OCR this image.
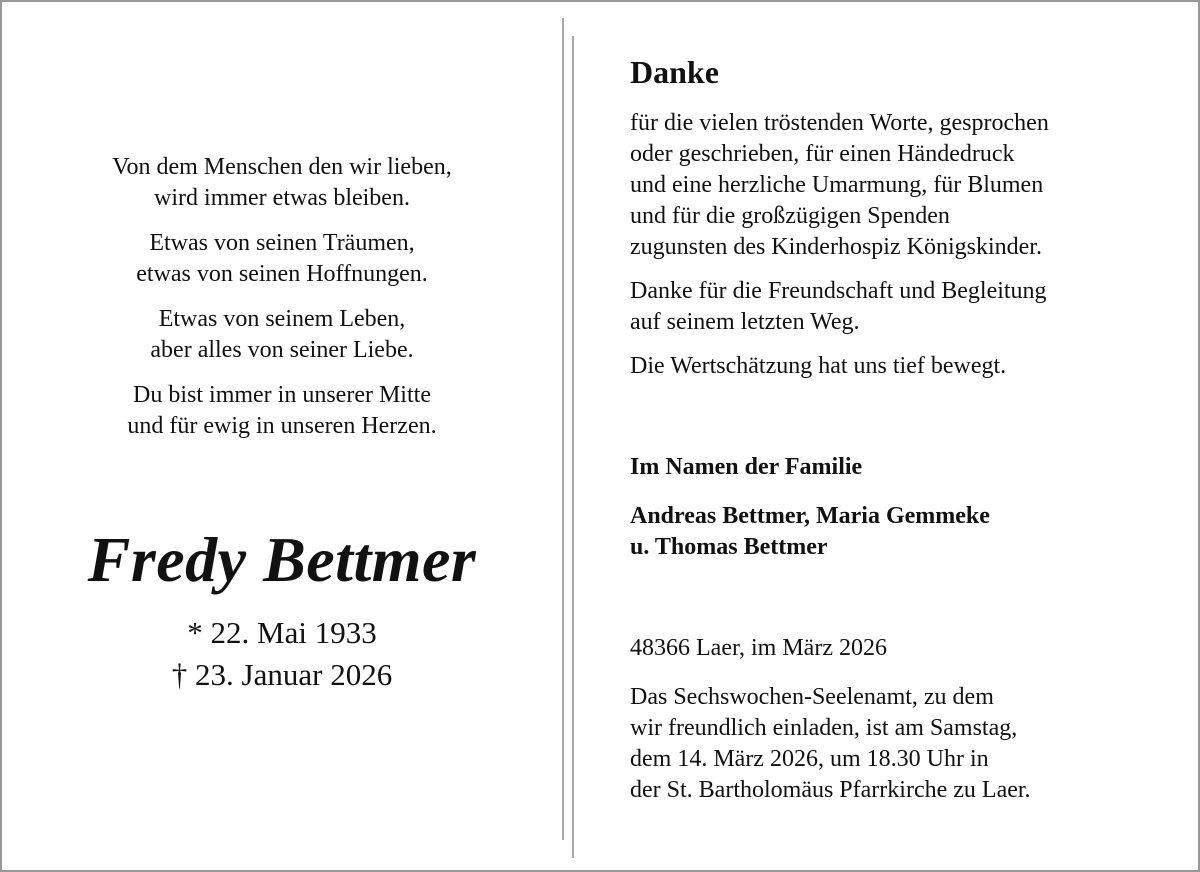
Von dem Menschen den wir lieben,
wird immer etwas bleiben.

Etwas von seinen Träumen,
etwas von seinen Hoffnungen.

Etwas von seinem Leben,
aber alles von seiner Liebe.

Du bist immer in unserer Mitte
und für ewig in unseren Herzen.

Fredy Bettmer
* 22. Mai 1933
† 23. Januar 2026
Danke

für die vielen tröstenden Worte, gesprochen
oder geschrieben, für einen Händedruck
und eine herzliche Umarmung, für Blumen
und für die großzügigen Spenden
zugunsten des Kinderhospiz Königskinder.

Danke für die Freundschaft und Begleitung
auf seinem letzten Weg.

Die Wertschätzung hat uns tief bewegt.

Im Namen der Familie

Andreas Bettmer, Maria Gemmeke
u. Thomas Bettmer

48366 Laer, im März 2026

Das Sechswochen-Seelenamt, zu dem
wir freundlich einladen, ist am Samstag,
dem 14. März 2026, um 18.30 Uhr in
der St. Bartholomäus Pfarrkirche zu Laer.
